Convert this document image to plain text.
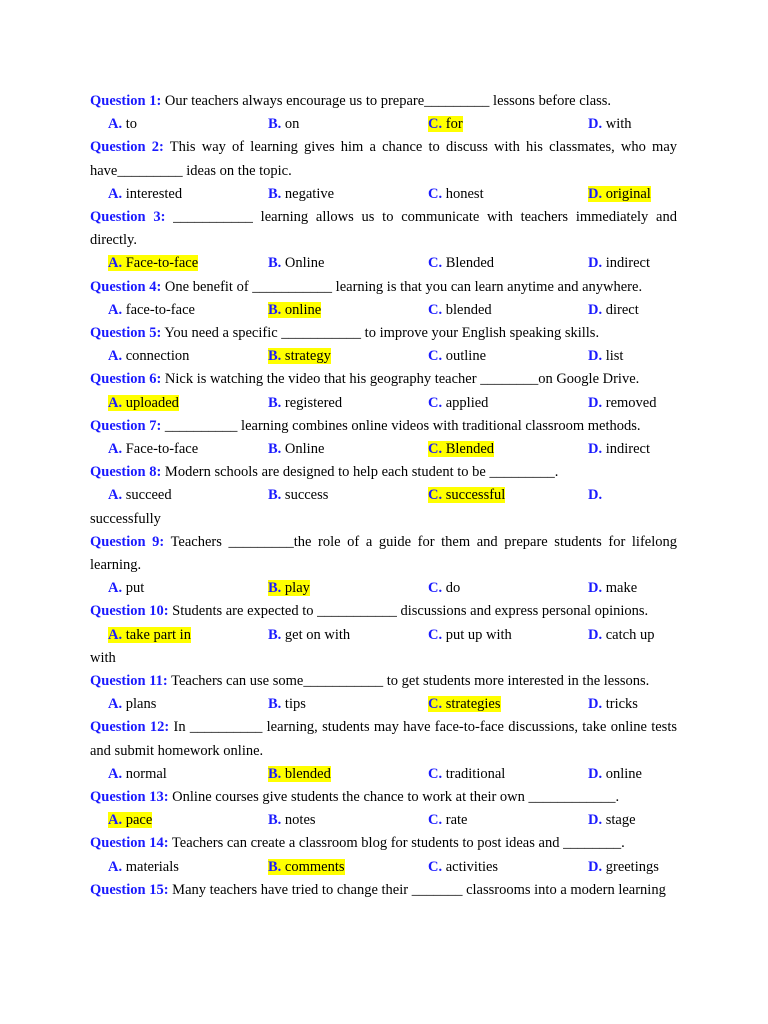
Question 1: Our teachers always encourage us to prepare_________ lessons before class.
A. to	B. on	C. for	D. with
Question 2: This way of learning gives him a chance to discuss with his classmates, who may have_________ ideas on the topic.
A. interested	B. negative	C. honest	D. original
Question 3: ___________ learning allows us to communicate with teachers immediately and directly.
A. Face-to-face	B. Online	C. Blended	D. indirect
Question 4: One benefit of ___________ learning is that you can learn anytime and anywhere.
A. face-to-face	B. online	C. blended	D. direct
Question 5: You need a specific ___________ to improve your English speaking skills.
A. connection	B. strategy	C. outline	D. list
Question 6: Nick is watching the video that his geography teacher ________on Google Drive.
A. uploaded	B. registered	C. applied	D. removed
Question 7: __________ learning combines online videos with traditional classroom methods.
A. Face-to-face	B. Online	C. Blended	D. indirect
Question 8: Modern schools are designed to help each student to be _________.
A. succeed	B. success	C. successful	D.
successfully
Question 9: Teachers _________the role of a guide for them and prepare students for lifelong learning.
A. put	B. play	C. do	D. make
Question 10: Students are expected to ___________ discussions and express personal opinions.
A. take part in	B. get on with	C. put up with	D. catch up
with
Question 11: Teachers can use some___________ to get students more interested in the lessons.
A. plans	B. tips	C. strategies	D. tricks
Question 12: In __________ learning, students may have face-to-face discussions, take online tests and submit homework online.
A. normal	B. blended	C. traditional	D. online
Question 13: Online courses give students the chance to work at their own ____________.
A. pace	B. notes	C. rate	D. stage
Question 14: Teachers can create a classroom blog for students to post ideas and ________.
A. materials	B. comments	C. activities	D. greetings
Question 15: Many teachers have tried to change their _______ classrooms into a modern learning
